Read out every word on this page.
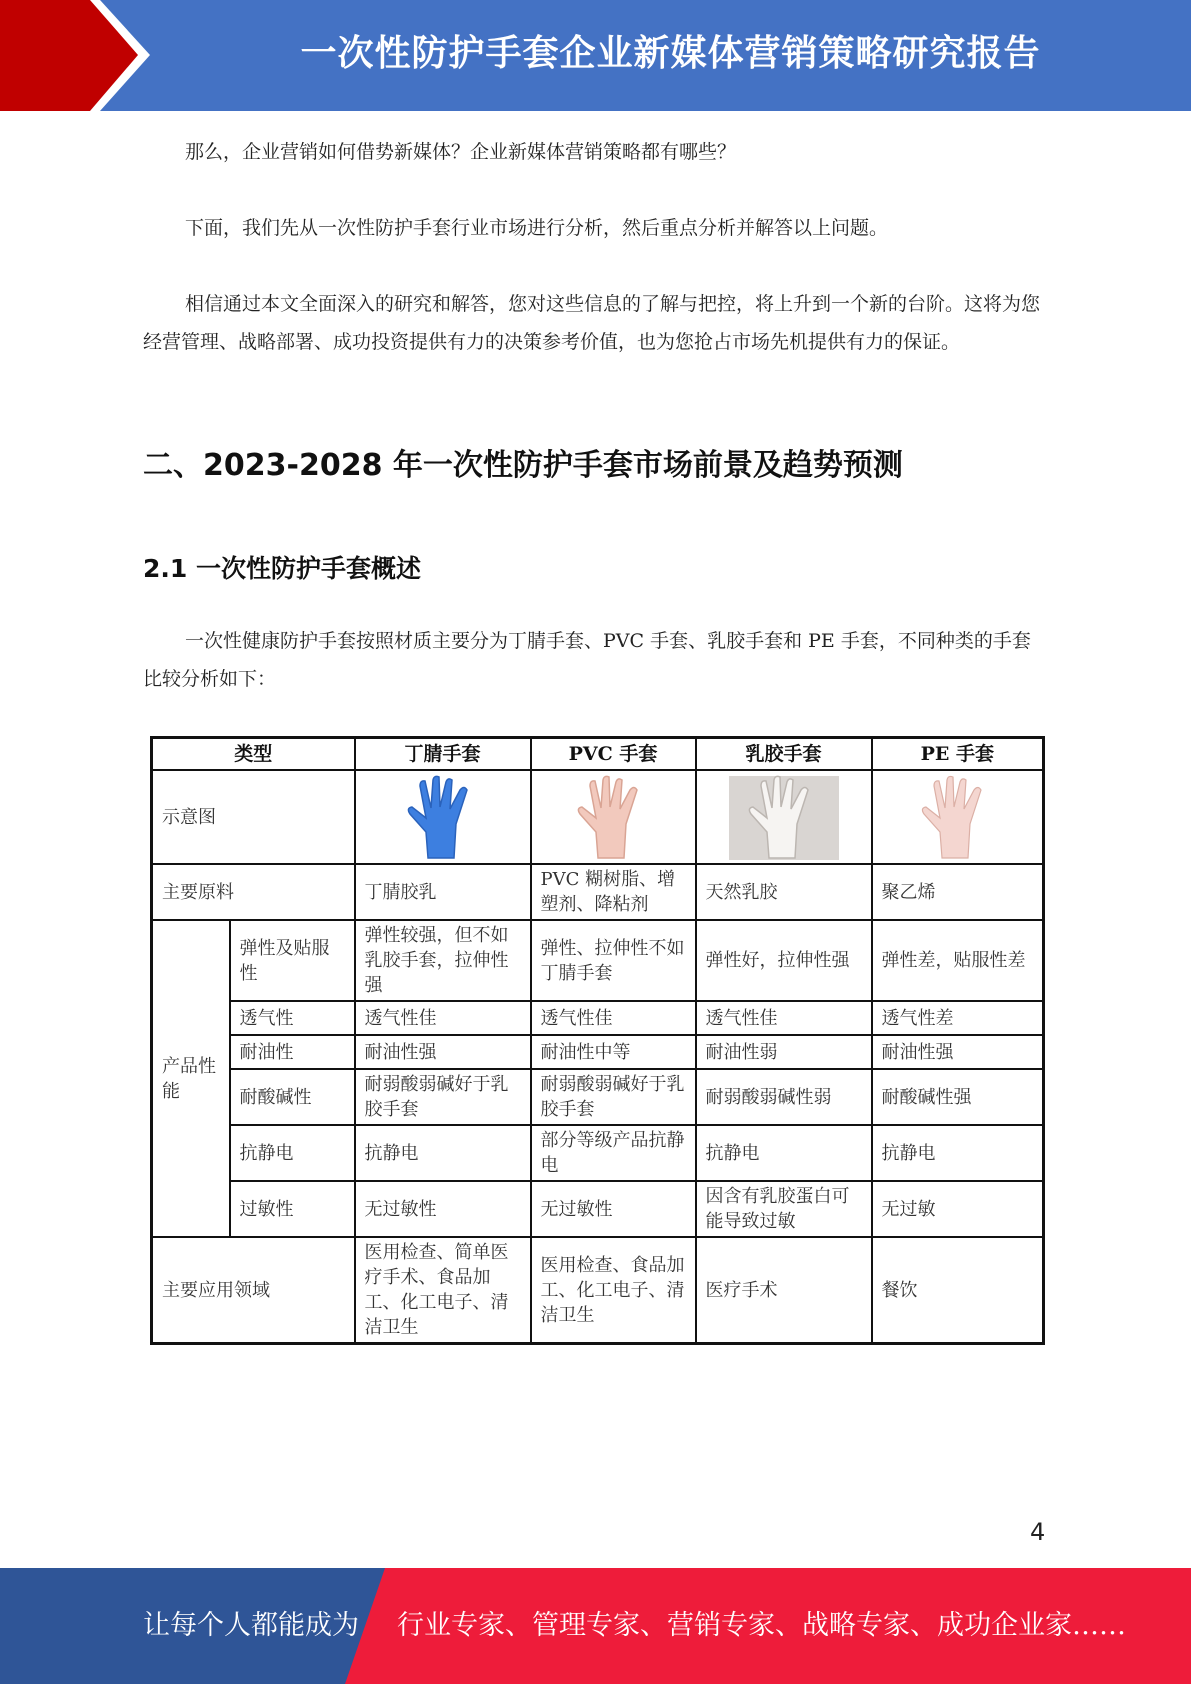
一次性防护手套企业新媒体营销策略研究报告

那么，企业营销如何借势新媒体？企业新媒体营销策略都有哪些？

下面，我们先从一次性防护手套行业市场进行分析，然后重点分析并解答以上问题。

相信通过本文全面深入的研究和解答，您对这些信息的了解与把控，将上升到一个新的台阶。这将为您经营管理、战略部署、成功投资提供有力的决策参考价值，也为您抢占市场先机提供有力的保证。

二、2023-2028 年一次性防护手套市场前景及趋势预测
2.1 一次性防护手套概述

一次性健康防护手套按照材质主要分为丁腈手套、PVC 手套、乳胶手套和 PE 手套，不同种类的手套比较分析如下：

类型		丁腈手套	PVC 手套	乳胶手套	PE 手套
示意图	

主要原料		丁腈胶乳	PVC 糊树脂、增塑剂、降粘剂	天然乳胶	聚乙烯
产品性能	弹性及贴服性	弹性较强，但不如乳胶手套，拉伸性强	弹性、拉伸性不如丁腈手套	弹性好，拉伸性强	弹性差，贴服性差
	透气性	透气性佳	透气性佳	透气性佳	透气性差
	耐油性	耐油性强	耐油性中等	耐油性弱	耐油性强
	耐酸碱性	耐弱酸弱碱好于乳胶手套	耐弱酸弱碱好于乳胶手套	耐弱酸弱碱性弱	耐酸碱性强
	抗静电	抗静电	部分等级产品抗静电	抗静电	抗静电
	过敏性	无过敏性	无过敏性	因含有乳胶蛋白可能导致过敏	无过敏
主要应用领域		医用检查、简单医疗手术、食品加工、化工电子、清洁卫生	医用检查、食品加工、化工电子、清洁卫生	医疗手术	餐饮
4
让每个人都能成为 行业专家、管理专家、营销专家、战略专家、成功企业家……
